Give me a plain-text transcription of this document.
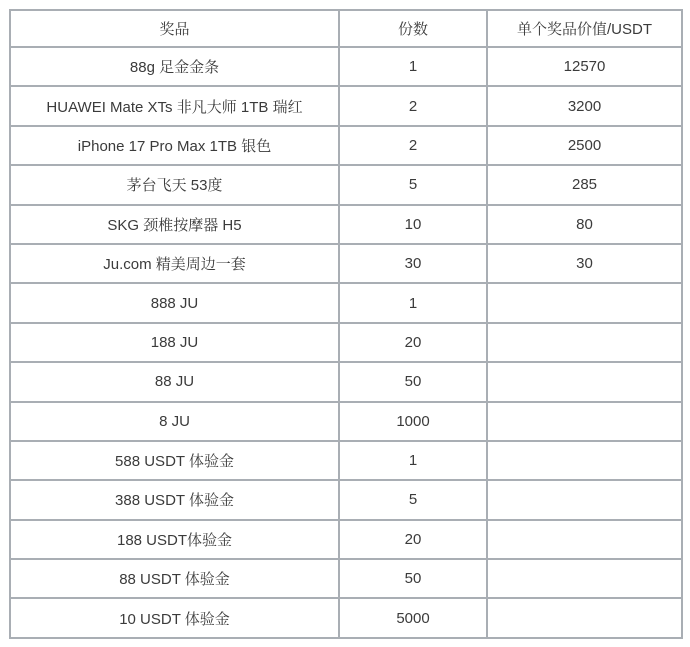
奖品	份数	单个奖品价值/USDT
88g 足金金条	1	12570
HUAWEI Mate XTs 非凡大师 1TB 瑞红	2	3200
iPhone 17 Pro Max 1TB 银色	2	2500
茅台飞天 53度	5	285
SKG 颈椎按摩器 H5	10	80
Ju.com 精美周边一套	30	30
888 JU	1	
188 JU	20	
88 JU	50	
8 JU	1000	
588 USDT 体验金	1	
388 USDT 体验金	5	
188 USDT体验金	20	
88 USDT 体验金	50	
10 USDT 体验金	5000	
